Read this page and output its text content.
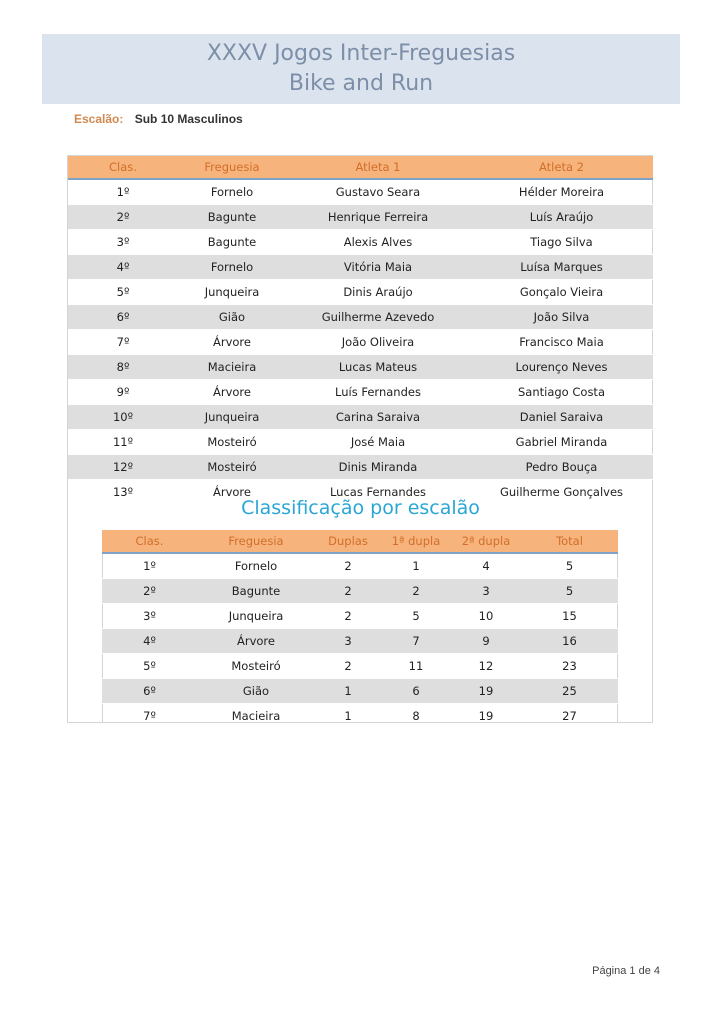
XXXV Jogos Inter-Freguesias
Bike and Run
Escalão: Sub 10 Masculinos
Clas.	Freguesia	Atleta 1	Atleta 2
1º	Fornelo	Gustavo Seara	Hélder Moreira
2º	Bagunte	Henrique Ferreira	Luís Araújo
3º	Bagunte	Alexis Alves	Tiago Silva
4º	Fornelo	Vitória Maia	Luísa Marques
5º	Junqueira	Dinis Araújo	Gonçalo Vieira
6º	Gião	Guilherme Azevedo	João Silva
7º	Árvore	João Oliveira	Francisco Maia
8º	Macieira	Lucas Mateus	Lourenço Neves
9º	Árvore	Luís Fernandes	Santiago Costa
10º	Junqueira	Carina Saraiva	Daniel Saraiva
11º	Mosteiró	José Maia	Gabriel Miranda
12º	Mosteiró	Dinis Miranda	Pedro Bouça
13º	Árvore	Lucas Fernandes	Guilherme Gonçalves
Classificação por escalão
Clas.	Freguesia	Duplas	1ª dupla	2ª dupla	Total
1º	Fornelo	2	1	4	5
2º	Bagunte	2	2	3	5
3º	Junqueira	2	5	10	15
4º	Árvore	3	7	9	16
5º	Mosteiró	2	11	12	23
6º	Gião	1	6	19	25
7º	Macieira	1	8	19	27
Página 1 de 4
